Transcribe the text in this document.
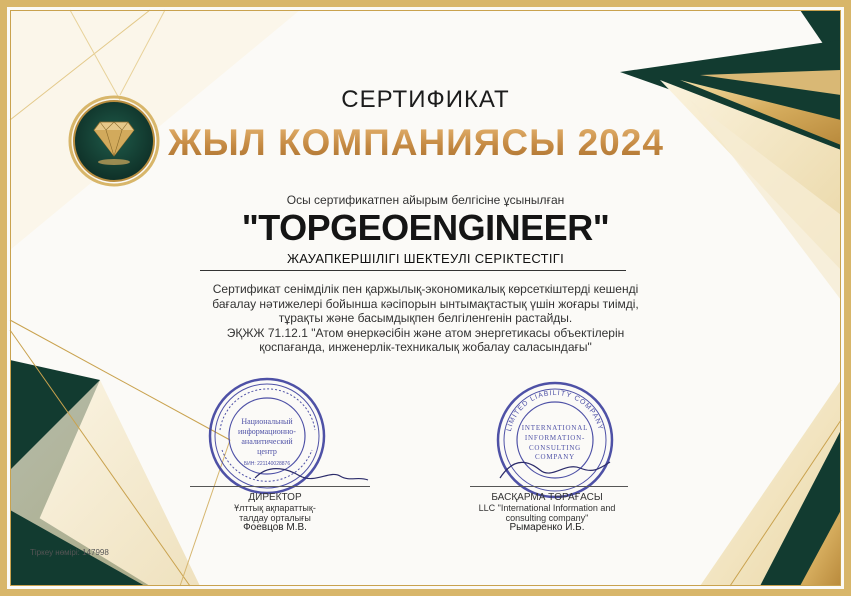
Национальный
информационно-
аналитический
центр
БИН: 221140028876
LIMITED LIABILITY COMPANY
INTERNATIONAL
INFORMATION-
CONSULTING
COMPANY
СЕРТИФИКАТ
ЖЫЛ КОМПАНИЯСЫ 2024
Осы сертификатпен айырым белгісіне ұсынылған
"TOPGEOENGINEER"
ЖАУАПКЕРШІЛІГІ ШЕКТЕУЛІ СЕРІКТЕСТІГІ
Сертификат сенімділік пен қаржылық-экономикалық көрсеткіштерді кешенді
бағалау нәтижелері бойынша кәсіпорын ынтымақтастық үшін жоғары тиімді,
тұрақты және басымдықпен белгіленгенін растайды.
ЭҚЖЖ 71.12.1 "Атом өнеркәсібін және атом энергетикасы объектілерін
қоспағанда, инженерлік-техникалық жобалау саласындағы"
ДИРЕКТОР
Ұлттық ақпараттық-
талдау орталығы
Фоевцов М.В.
БАСҚАРМА ТӨРАҒАСЫ
LLC "International Information and
consulting company"
Рымаренко И.Б.
Тіркеу нөмірі: 147998
